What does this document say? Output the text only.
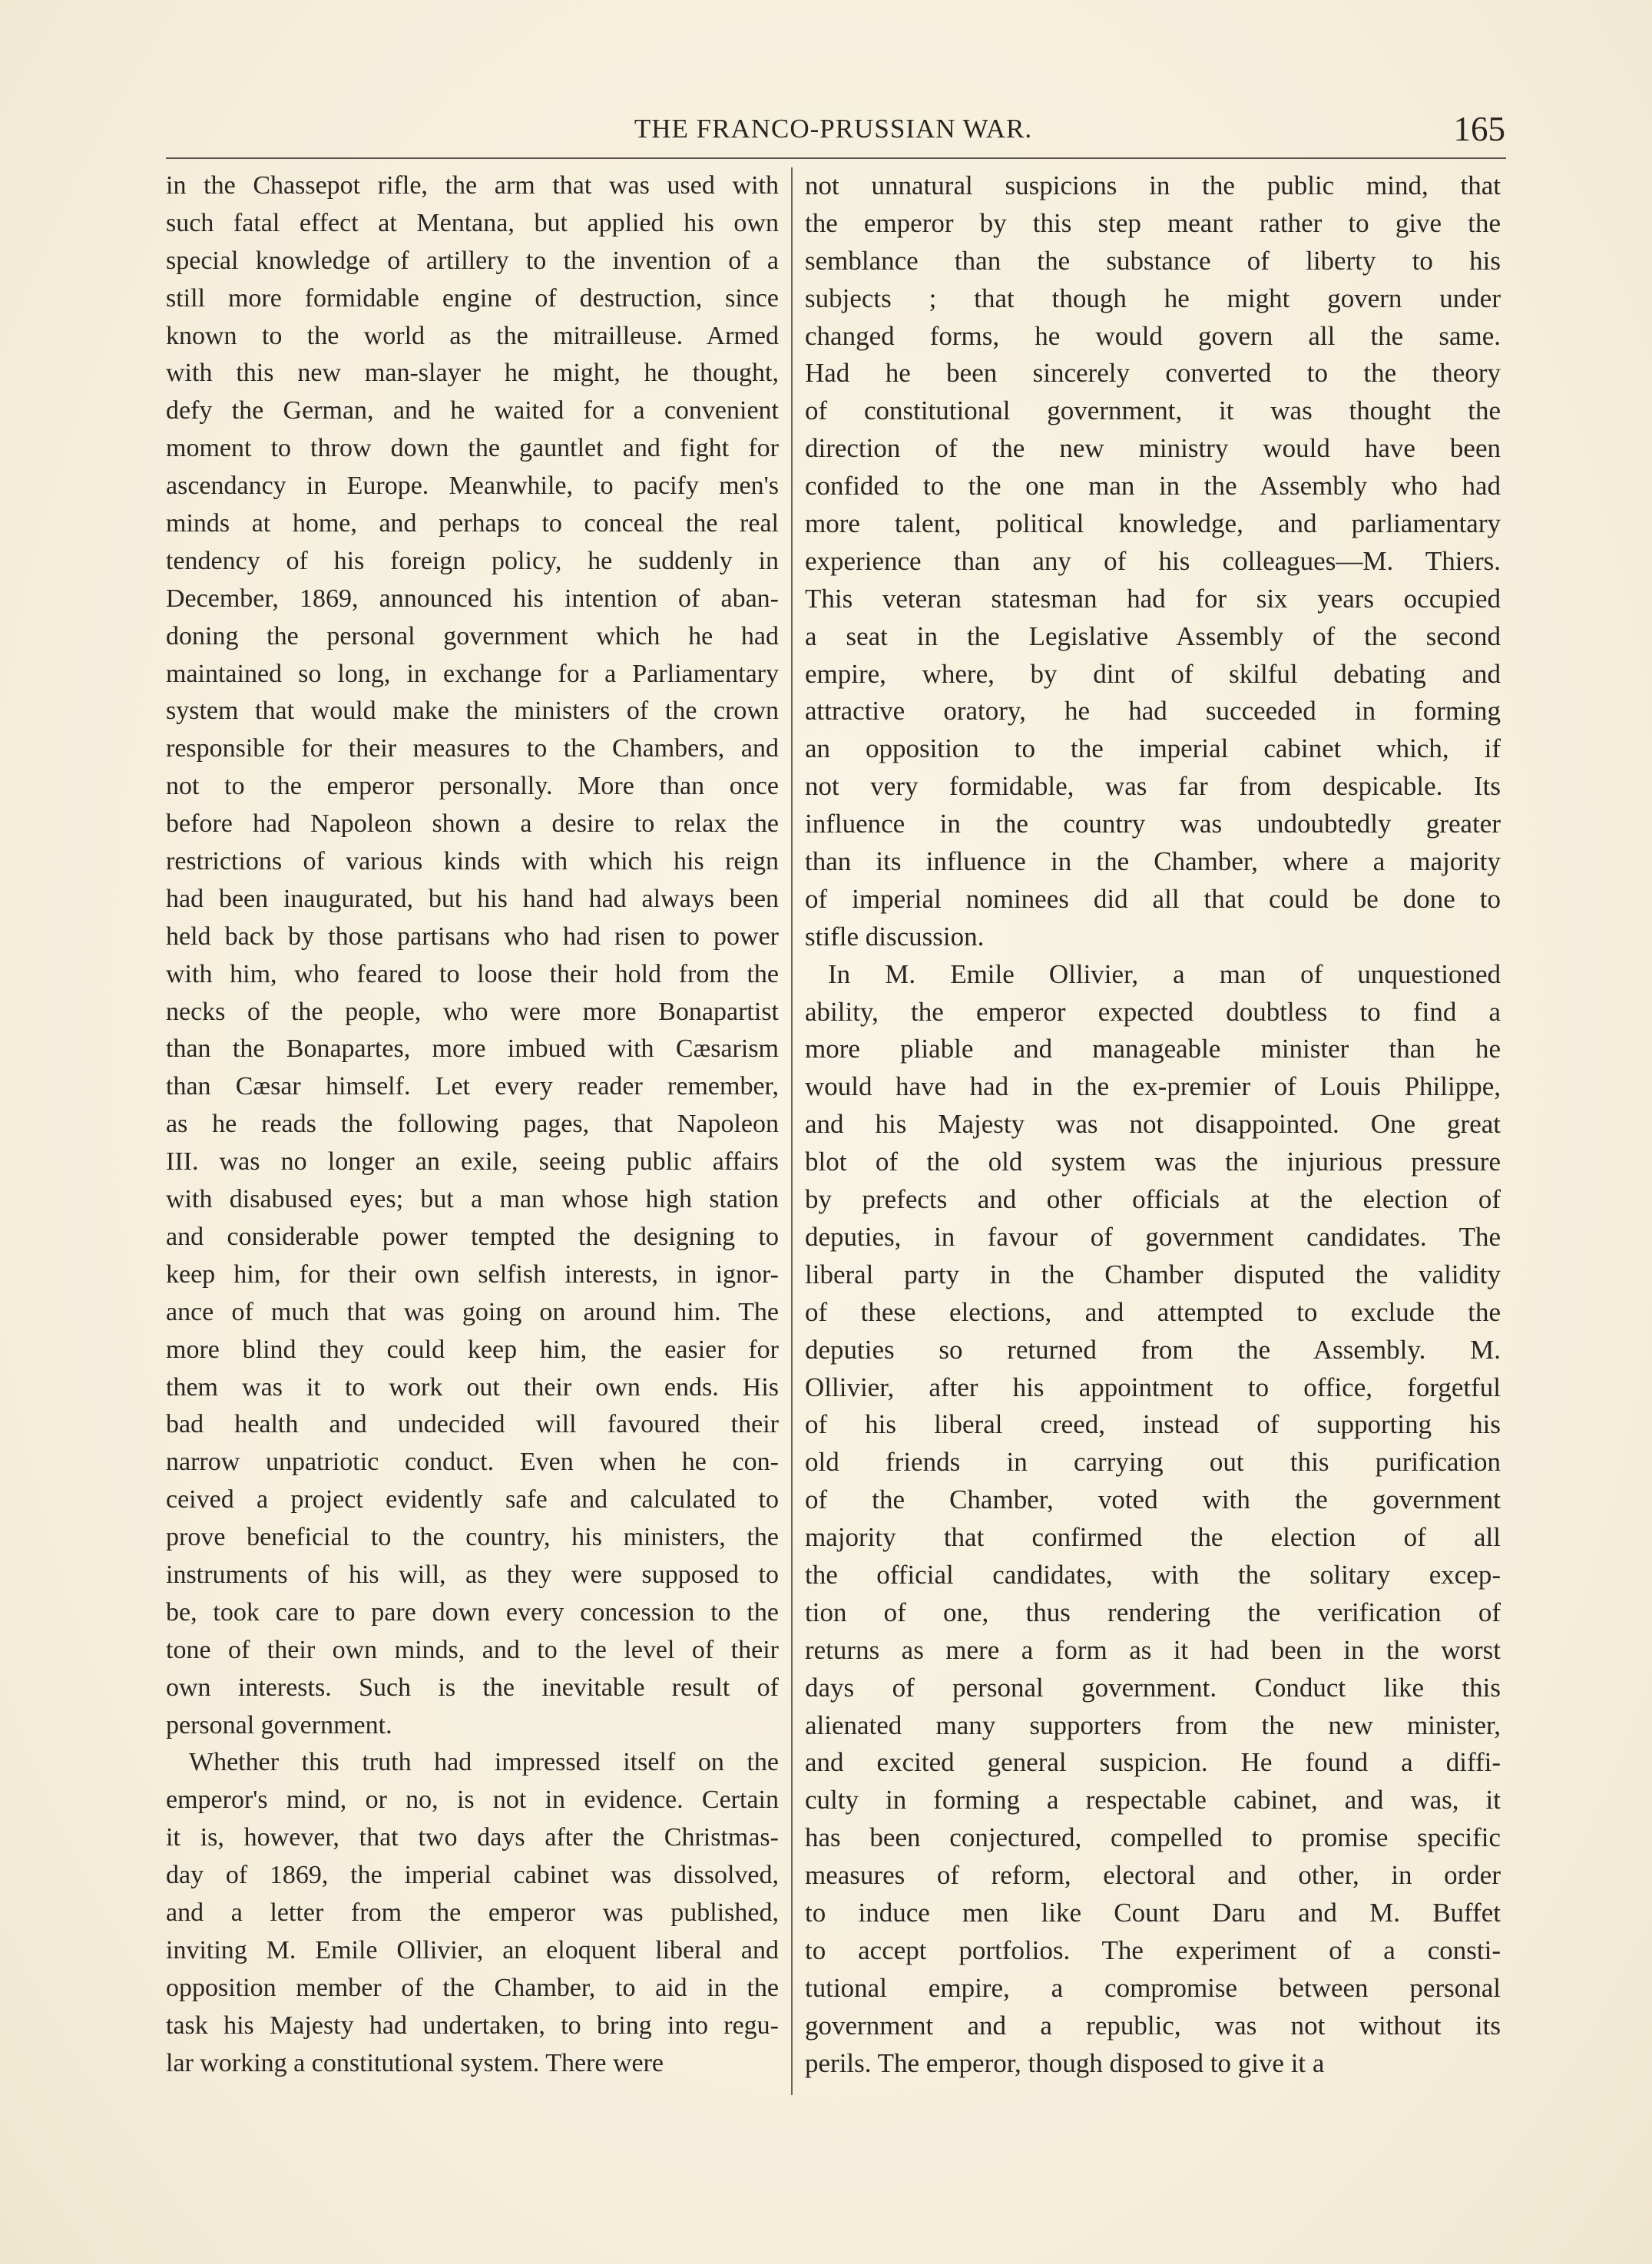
THE FRANCO-PRUSSIAN WAR.	165
in the Chassepot rifle, the arm that was used with
such fatal effect at Mentana, but applied his own
special knowledge of artillery to the invention of a
still more formidable engine of destruction, since
known to the world as the mitrailleuse. Armed
with this new man-slayer he might, he thought,
defy the German, and he waited for a convenient
moment to throw down the gauntlet and fight for
ascendancy in Europe. Meanwhile, to pacify men's
minds at home, and perhaps to conceal the real
tendency of his foreign policy, he suddenly in
December, 1869, announced his intention of aban-
doning the personal government which he had
maintained so long, in exchange for a Parliamentary
system that would make the ministers of the crown
responsible for their measures to the Chambers, and
not to the emperor personally. More than once
before had Napoleon shown a desire to relax the
restrictions of various kinds with which his reign
had been inaugurated, but his hand had always been
held back by those partisans who had risen to power
with him, who feared to loose their hold from the
necks of the people, who were more Bonapartist
than the Bonapartes, more imbued with Cæsarism
than Cæsar himself. Let every reader remember,
as he reads the following pages, that Napoleon
III. was no longer an exile, seeing public affairs
with disabused eyes; but a man whose high station
and considerable power tempted the designing to
keep him, for their own selfish interests, in ignor-
ance of much that was going on around him. The
more blind they could keep him, the easier for
them was it to work out their own ends. His
bad health and undecided will favoured their
narrow unpatriotic conduct. Even when he con-
ceived a project evidently safe and calculated to
prove beneficial to the country, his ministers, the
instruments of his will, as they were supposed to
be, took care to pare down every concession to the
tone of their own minds, and to the level of their
own interests. Such is the inevitable result of
personal government.
Whether this truth had impressed itself on the
emperor's mind, or no, is not in evidence. Certain
it is, however, that two days after the Christmas-
day of 1869, the imperial cabinet was dissolved,
and a letter from the emperor was published,
inviting M. Emile Ollivier, an eloquent liberal and
opposition member of the Chamber, to aid in the
task his Majesty had undertaken, to bring into regu-
lar working a constitutional system. There were
not unnatural suspicions in the public mind, that
the emperor by this step meant rather to give the
semblance than the substance of liberty to his
subjects ; that though he might govern under
changed forms, he would govern all the same.
Had he been sincerely converted to the theory
of constitutional government, it was thought the
direction of the new ministry would have been
confided to the one man in the Assembly who had
more talent, political knowledge, and parliamentary
experience than any of his colleagues—M. Thiers.
This veteran statesman had for six years occupied
a seat in the Legislative Assembly of the second
empire, where, by dint of skilful debating and
attractive oratory, he had succeeded in forming
an opposition to the imperial cabinet which, if
not very formidable, was far from despicable. Its
influence in the country was undoubtedly greater
than its influence in the Chamber, where a majority
of imperial nominees did all that could be done to
stifle discussion.
In M. Emile Ollivier, a man of unquestioned
ability, the emperor expected doubtless to find a
more pliable and manageable minister than he
would have had in the ex-premier of Louis Philippe,
and his Majesty was not disappointed. One great
blot of the old system was the injurious pressure
by prefects and other officials at the election of
deputies, in favour of government candidates. The
liberal party in the Chamber disputed the validity
of these elections, and attempted to exclude the
deputies so returned from the Assembly. M.
Ollivier, after his appointment to office, forgetful
of his liberal creed, instead of supporting his
old friends in carrying out this purification
of the Chamber, voted with the government
majority that confirmed the election of all
the official candidates, with the solitary excep-
tion of one, thus rendering the verification of
returns as mere a form as it had been in the worst
days of personal government. Conduct like this
alienated many supporters from the new minister,
and excited general suspicion. He found a diffi-
culty in forming a respectable cabinet, and was, it
has been conjectured, compelled to promise specific
measures of reform, electoral and other, in order
to induce men like Count Daru and M. Buffet
to accept portfolios. The experiment of a consti-
tutional empire, a compromise between personal
government and a republic, was not without its
perils. The emperor, though disposed to give it a
